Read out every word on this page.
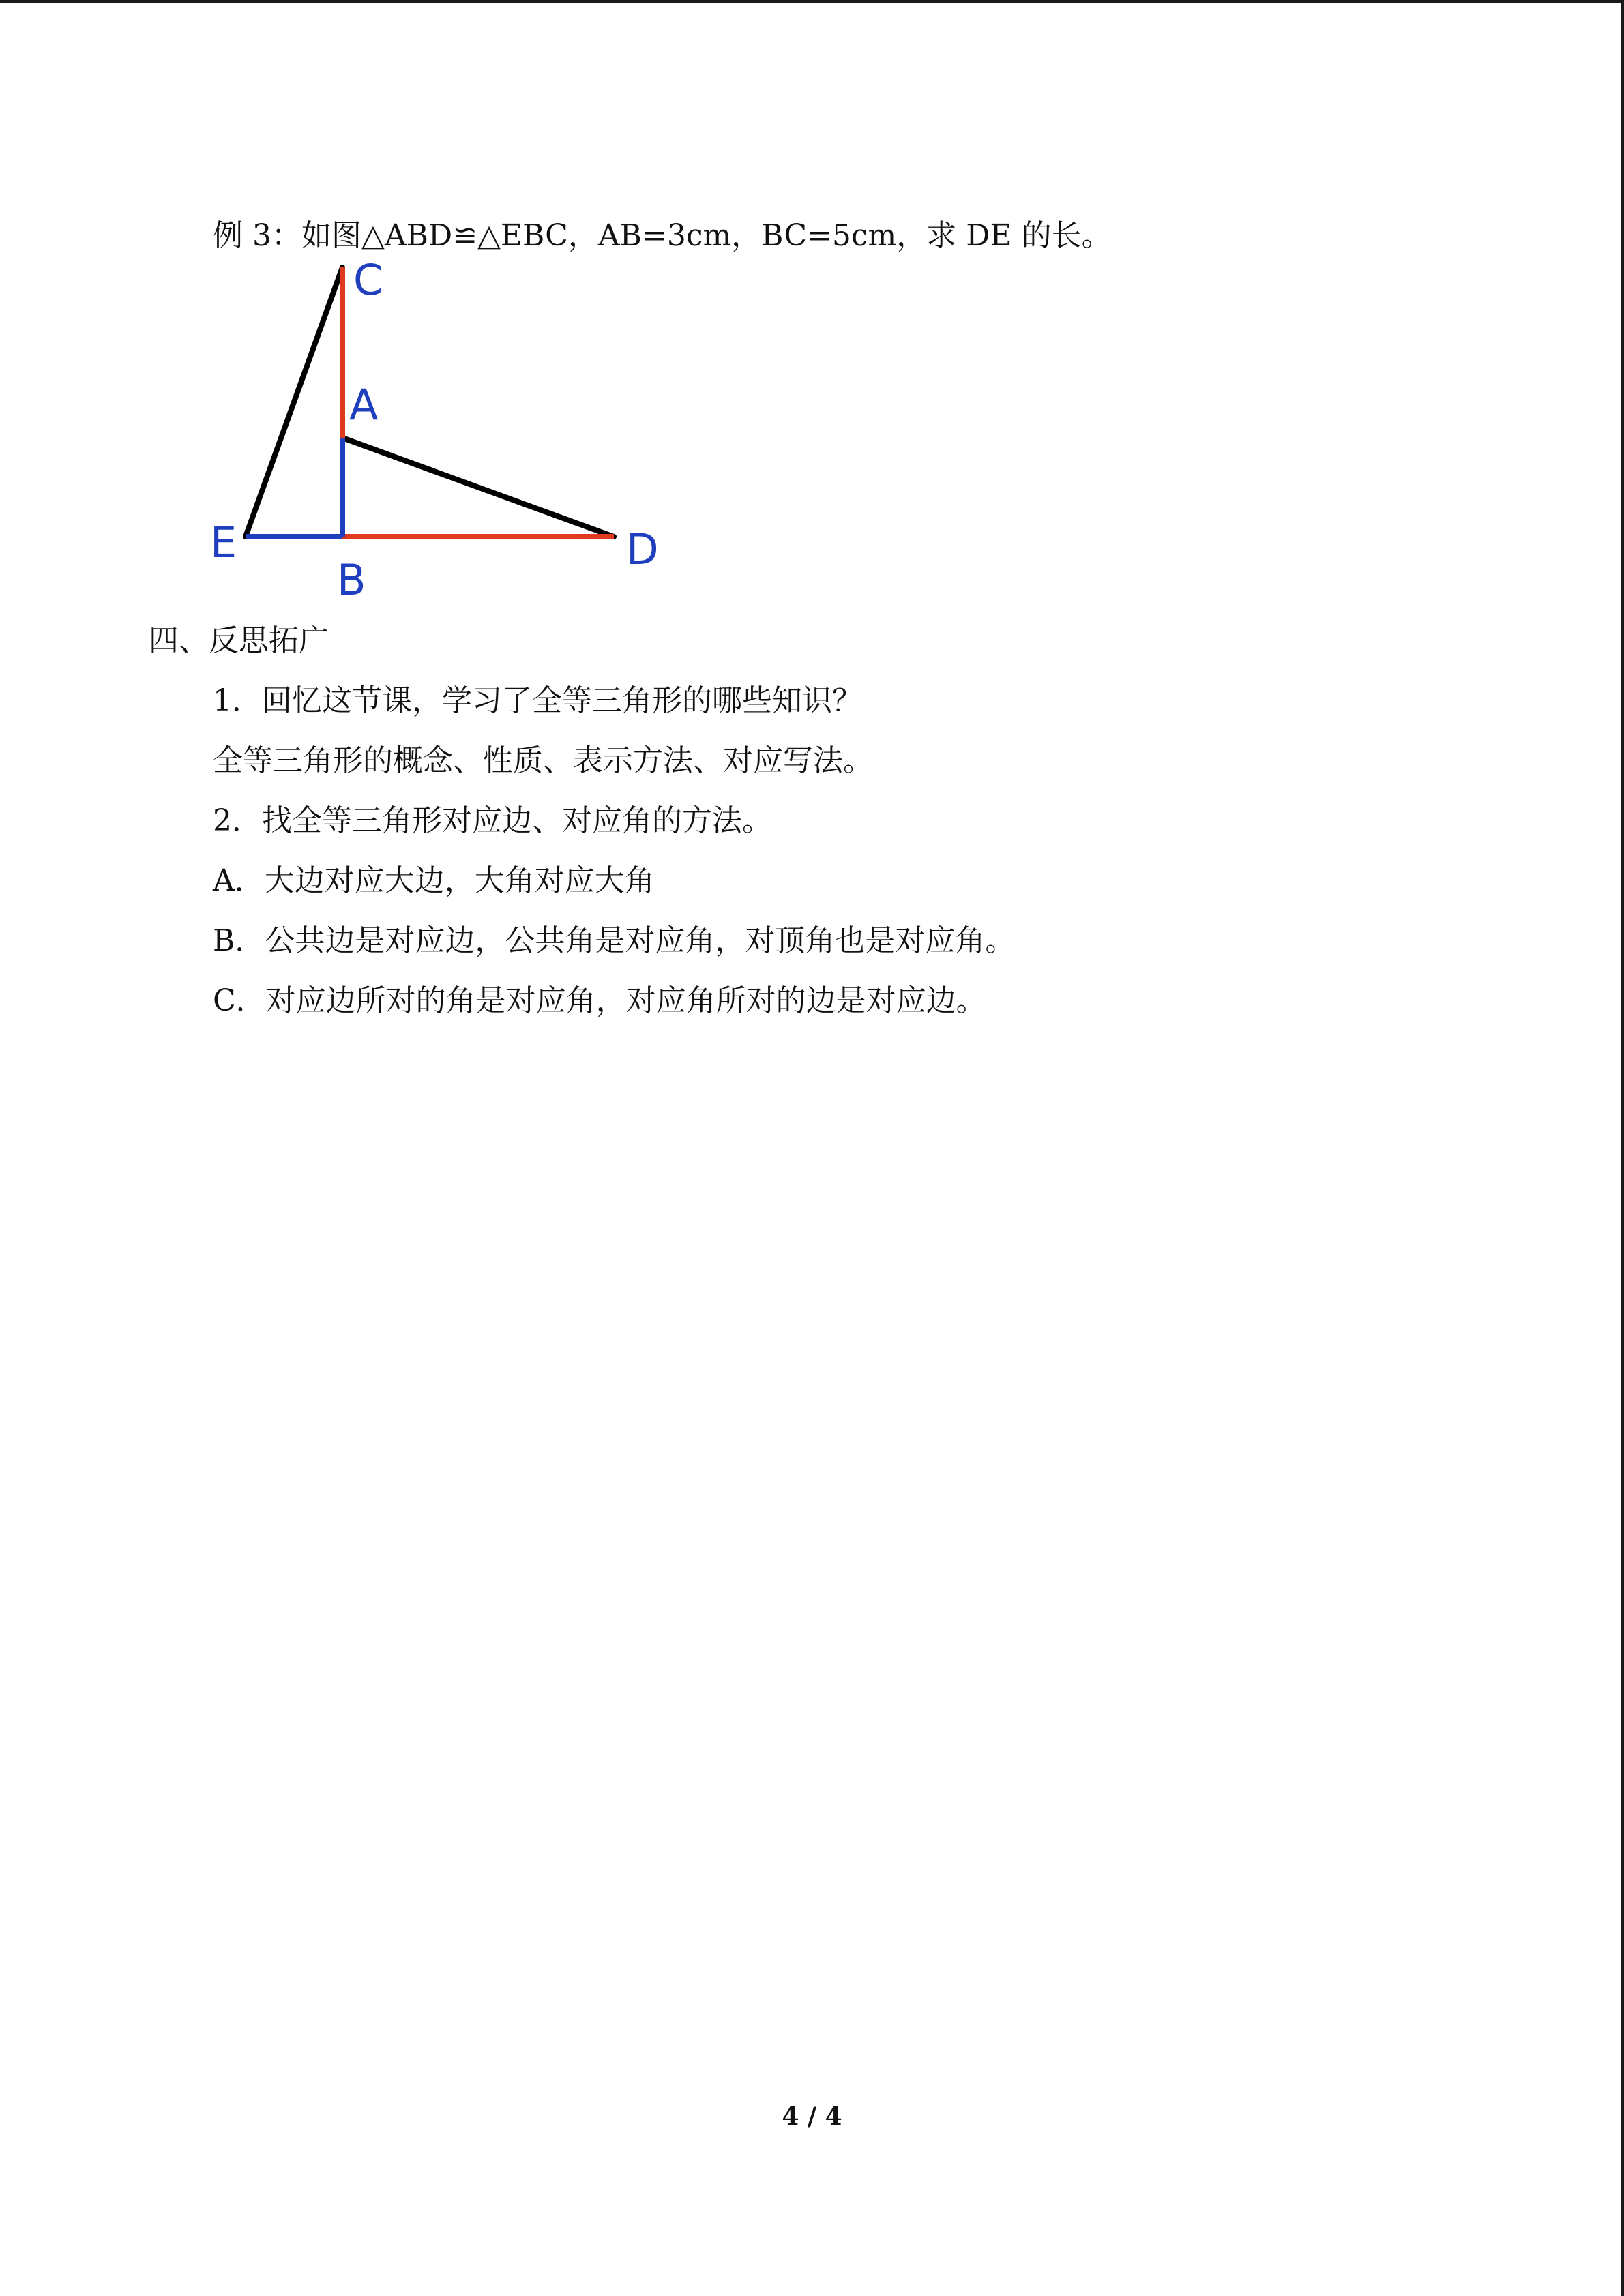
例 3：如图△ABD≌△EBC，AB=3cm，BC=5cm，求 DE 的长。
C
A
E
B
D
四、反思拓广
1．回忆这节课，学习了全等三角形的哪些知识？
全等三角形的概念、性质、表示方法、对应写法。
2．找全等三角形对应边、对应角的方法。
A．大边对应大边，大角对应大角
B．公共边是对应边，公共角是对应角，对顶角也是对应角。
C．对应边所对的角是对应角，对应角所对的边是对应边。
4 / 4
